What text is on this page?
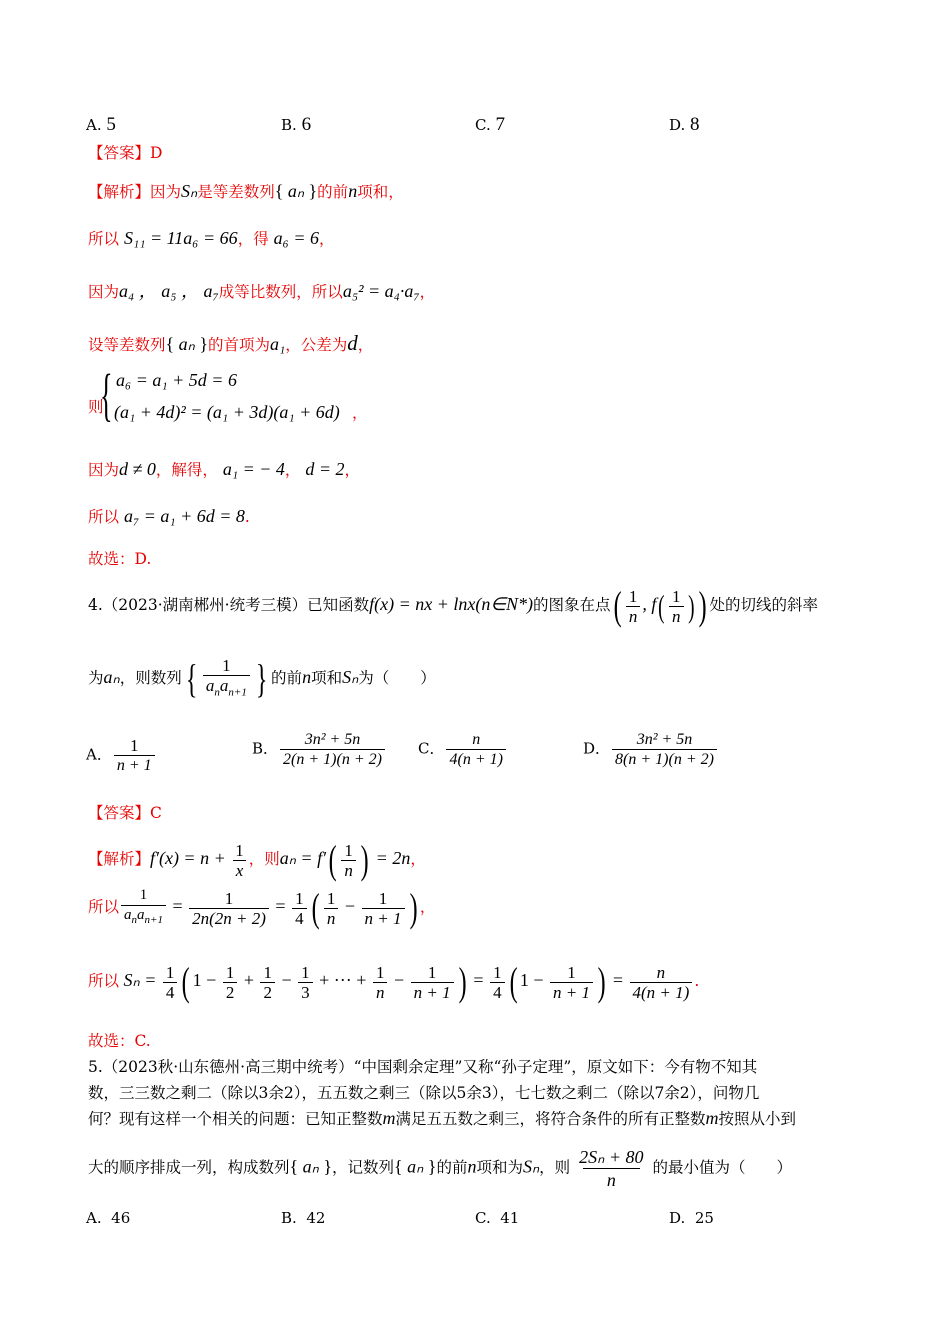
A. 5	B. 6	C. 7	D. 8
【答案】D
【解析】因为Sₙ是等差数列{ aₙ }的前n项和，
所以 S₁₁ = 11a₆ = 66，得 a₆ = 6，
因为a₄ ， a₅ ， a₇成等比数列，所以a₅² = a₄·a₇，
设等差数列{ aₙ }的首项为a₁，公差为d，
则
{ a₆ = a₁ + 5d = 6
(a₁ + 4d)² = (a₁ + 3d)(a₁ + 6d) ，
因为d ≠ 0，解得， a₁ = − 4， d = 2，
所以 a₇ = a₁ + 6d = 8.
故选：D.
4.（2023·湖南郴州·统考三模）已知函数f(x) = nx + lnx(n∈N*)的图象在点( $\frac{1}{n}$ , $f( \frac{1}{n}$ ) ) 处的切线的斜率
为aₙ，则数列{ $\frac{1}{a_na_{n+1}}$ } 的前n项和Sₙ为（　　）
A． $\frac{1}{n + 1}$	B． $\frac{\text{3n² + 5n}}{2(n + 1)(n + 2)}$ C． $\frac{n}{4(n + 1)}$	D． $\frac{\text{3n² + 5n}}{8(n + 1)(n + 2)}$
【答案】C
【解析】$f'(x) = n + \frac{1}{x}$ ，则$a_n = f'( \frac{1}{n}$ ) = 2n，
所以 $\frac{1}{a_na_{n+1}} = \frac{1}{2n(2n + 2)} = \frac{1}{4}$ ( $\frac{1}{n} - \frac{1}{n + 1}$ ) ，
所以 $S_n = \frac{1}{4}$ ( $1 - \frac{1}{2} + \frac{1}{2} - \frac{1}{3}$ + ··· + $\frac{1}{n} - \frac{1}{n + 1}$ ) = $\frac{1}{4}$ ( $1 - \frac{1}{n + 1}$ ) = $\frac{n}{4(n + 1)}$ .
故选：C.
5.（2023秋·山东德州·高三期中统考）“中国剩余定理”又称“孙子定理”，原文如下：今有物不知其
数，三三数之剩二（除以3余2），五五数之剩三（除以5余3），七七数之剩二（除以7余2），问物几
何？现有这样一个相关的问题：已知正整数m满足五五数之剩三，将符合条件的所有正整数m按照从小到
大的顺序排成一列，构成数列{ aₙ }，记数列{ aₙ }的前n项和为Sₙ，则 $\frac{\text{2Sₙ + 80}}{n}$ 的最小值为（　　）
A. 46	B. 42	C. 41	D. 25
